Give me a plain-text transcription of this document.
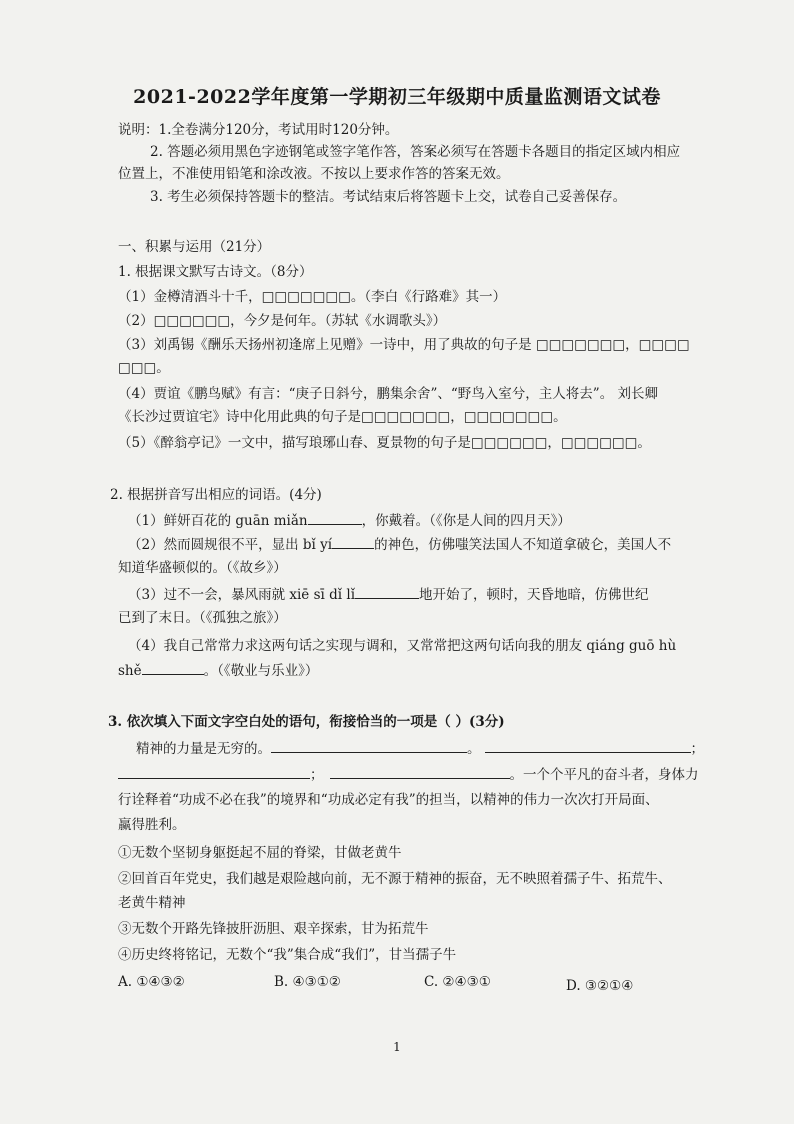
2021-2022学年度第一学期初三年级期中质量监测语文试卷
说明：1.全卷满分120分，考试用时120分钟。
2. 答题必须用黑色字迹钢笔或签字笔作答，答案必须写在答题卡各题目的指定区域内相应
位置上，不准使用铅笔和涂改液。不按以上要求作答的答案无效。
3. 考生必须保持答题卡的整洁。考试结束后将答题卡上交，试卷自己妥善保存。
一、积累与运用（21分）
1. 根据课文默写古诗文。（8分）
（1）金樽清酒斗十千，□□□□□□□。（李白《行路难》其一）
（2）□□□□□□，今夕是何年。（苏轼《水调歌头》）
（3）刘禹锡《酬乐天扬州初逢席上见赠》一诗中，用了典故的句子是 □□□□□□□，□□□□
□□□。
（4）贾谊《鹏鸟赋》有言：“庚子日斜兮，鹏集余舍”、“野鸟入室兮，主人将去”。 刘长卿
《长沙过贾谊宅》诗中化用此典的句子是□□□□□□□，□□□□□□□。
（5）《醉翁亭记》一文中，描写琅琊山春、夏景物的句子是□□□□□□，□□□□□□。
2. 根据拼音写出相应的词语。(4分)
（1）鲜妍百花的 guān miǎn	，你戴着。（《你是人间的四月天》）
（2）然而圆规很不平，显出 bǐ yí	的神色，仿佛嗤笑法国人不知道拿破仑，美国人不
知道华盛顿似的。（《故乡》）
（3）过不一会，暴风雨就 xiē sī dǐ lǐ	地开始了，顿时，天昏地暗，仿佛世纪
已到了末日。（《孤独之旅》）
（4）我自己常常力求这两句话之实现与调和，又常常把这两句话向我的朋友 qiáng guō hù
shě	。（《敬业与乐业》）
3. 依次填入下面文字空白处的语句，衔接恰当的一项是（ ）(3分)
精神的力量是无穷的。	。	；
；	。一个个平凡的奋斗者，身体力
行诠释着“功成不必在我”的境界和“功成必定有我”的担当，以精神的伟力一次次打开局面、
赢得胜利。
①无数个坚韧身躯挺起不屈的脊梁，甘做老黄牛
②回首百年党史，我们越是艰险越向前，无不源于精神的振奋，无不映照着孺子牛、拓荒牛、
老黄牛精神
③无数个开路先锋披肝沥胆、艰辛探索，甘为拓荒牛
④历史终将铭记，无数个“我”集合成“我们”，甘当孺子牛
A. ①④③②	B. ④③①②	C. ②④③①	D. ③②①④
1
